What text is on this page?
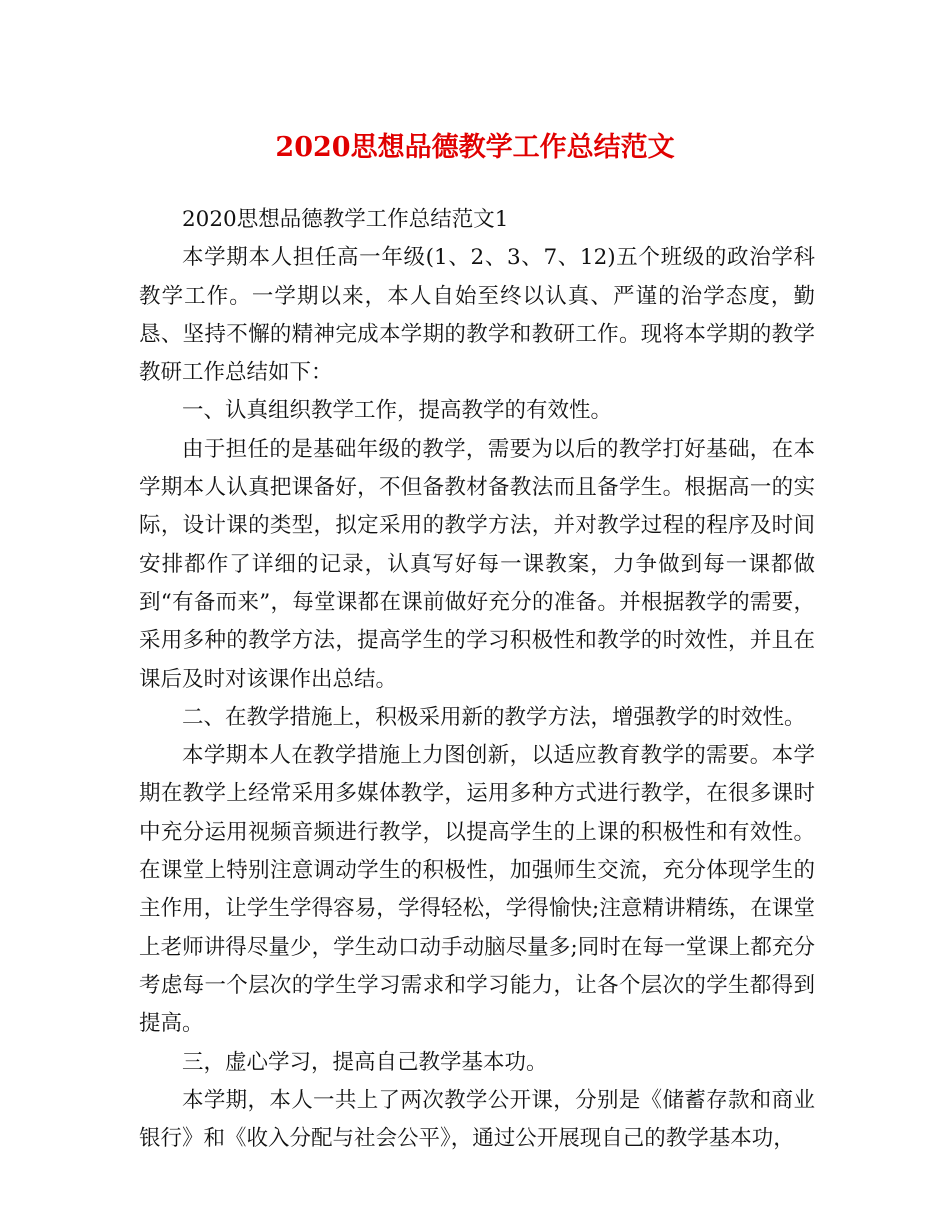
2020思想品德教学工作总结范文

2020思想品德教学工作总结范文1

本学期本人担任高一年级(1、2、3、7、12)五个班级的政治学科教学工作。一学期以来，本人自始至终以认真、严谨的治学态度，勤恳、坚持不懈的精神完成本学期的教学和教研工作。现将本学期的教学教研工作总结如下：

一、认真组织教学工作，提高教学的有效性。

由于担任的是基础年级的教学，需要为以后的教学打好基础，在本学期本人认真把课备好，不但备教材备教法而且备学生。根据高一的实际，设计课的类型，拟定采用的教学方法，并对教学过程的程序及时间安排都作了详细的记录，认真写好每一课教案，力争做到每一课都做到“有备而来”，每堂课都在课前做好充分的准备。并根据教学的需要，采用多种的教学方法，提高学生的学习积极性和教学的时效性，并且在课后及时对该课作出总结。

二、在教学措施上，积极采用新的教学方法，增强教学的时效性。

本学期本人在教学措施上力图创新，以适应教育教学的需要。本学期在教学上经常采用多媒体教学，运用多种方式进行教学，在很多课时中充分运用视频音频进行教学，以提高学生的上课的积极性和有效性。在课堂上特别注意调动学生的积极性，加强师生交流，充分体现学生的主作用，让学生学得容易，学得轻松，学得愉快;注意精讲精练，在课堂上老师讲得尽量少，学生动口动手动脑尽量多;同时在每一堂课上都充分考虑每一个层次的学生学习需求和学习能力，让各个层次的学生都得到提高。

三，虚心学习，提高自己教学基本功。

本学期，本人一共上了两次教学公开课，分别是《储蓄存款和商业银行》和《收入分配与社会公平》，通过公开展现自己的教学基本功，
